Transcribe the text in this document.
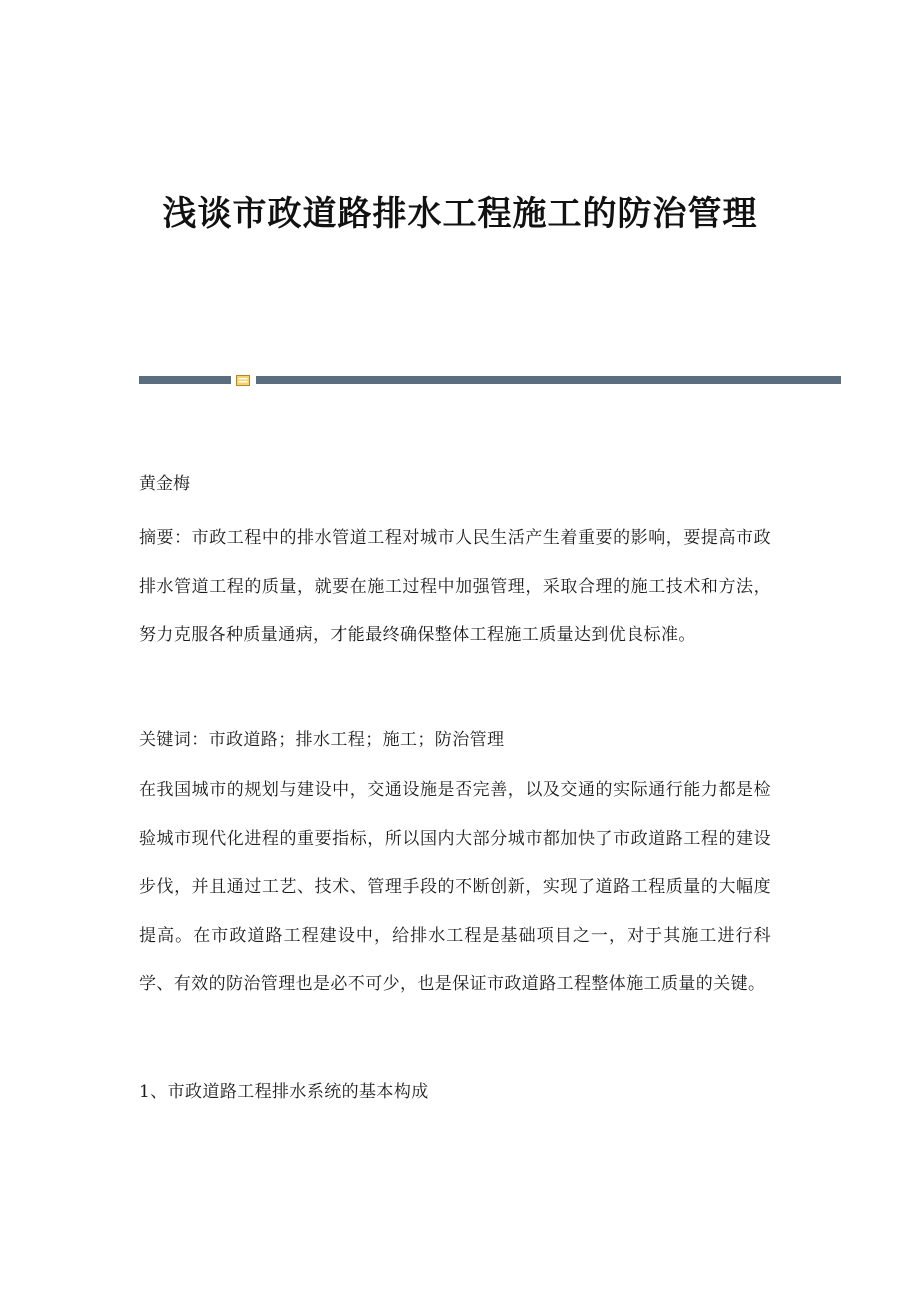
浅谈市政道路排水工程施工的防治管理

黄金梅

摘要：市政工程中的排水管道工程对城市人民生活产生着重要的影响，要提高市政排水管道工程的质量，就要在施工过程中加强管理，采取合理的施工技术和方法，努力克服各种质量通病，才能最终确保整体工程施工质量达到优良标准。

关键词：市政道路；排水工程；施工；防治管理

在我国城市的规划与建设中，交通设施是否完善，以及交通的实际通行能力都是检验城市现代化进程的重要指标，所以国内大部分城市都加快了市政道路工程的建设步伐，并且通过工艺、技术、管理手段的不断创新，实现了道路工程质量的大幅度提高。在市政道路工程建设中，给排水工程是基础项目之一，对于其施工进行科学、有效的防治管理也是必不可少，也是保证市政道路工程整体施工质量的关键。

1、市政道路工程排水系统的基本构成
